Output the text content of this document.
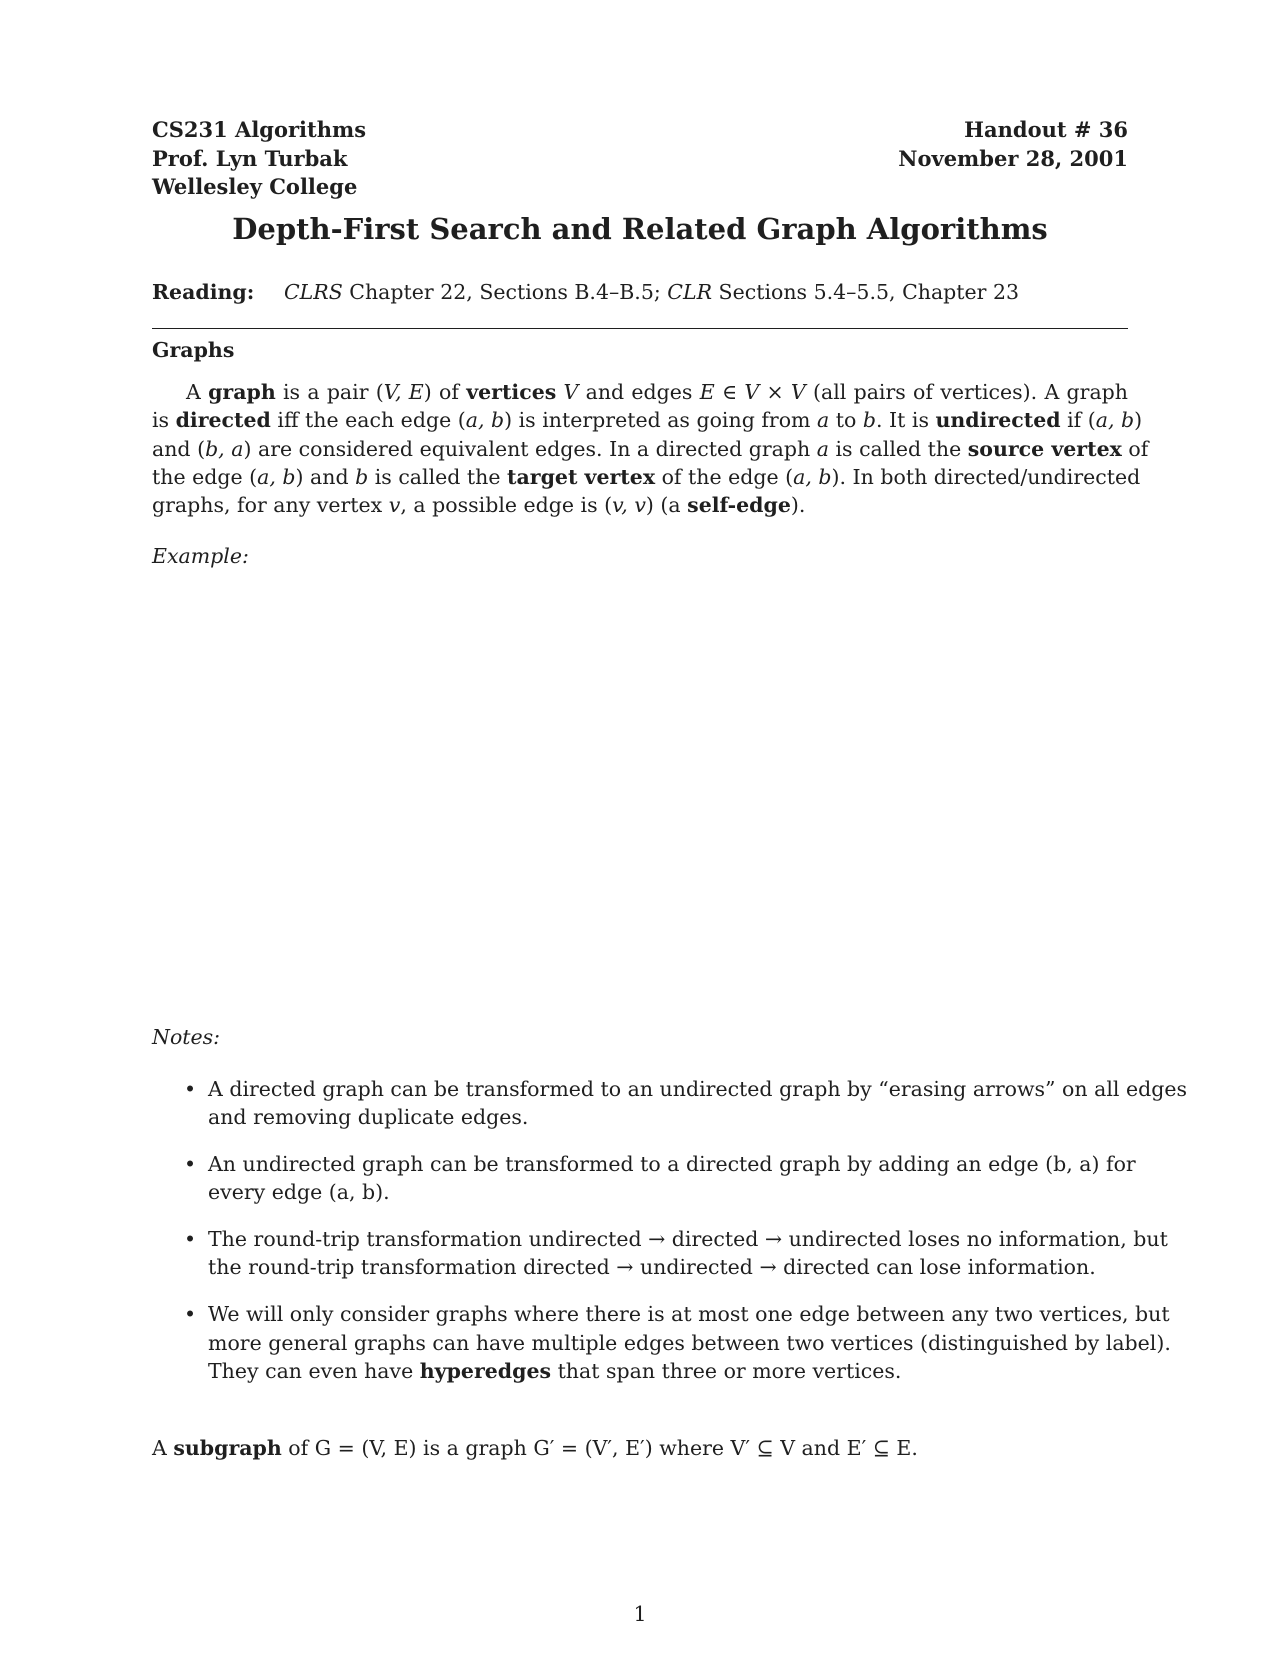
CS231 Algorithms
Prof. Lyn Turbak
Wellesley College
Handout # 36
November 28, 2001
Depth-First Search and Related Graph Algorithms
Reading: CLRS Chapter 22, Sections B.4–B.5; CLR Sections 5.4–5.5, Chapter 23
Graphs
A graph is a pair (V, E) of vertices V and edges E ∈ V × V (all pairs of vertices). A graph
is directed iff the each edge (a, b) is interpreted as going from a to b. It is undirected if (a, b)
and (b, a) are considered equivalent edges. In a directed graph a is called the source vertex of
the edge (a, b) and b is called the target vertex of the edge (a, b). In both directed/undirected
graphs, for any vertex v, a possible edge is (v, v) (a self-edge).
Example:
Notes:
• A directed graph can be transformed to an undirected graph by “erasing arrows” on all edges
and removing duplicate edges.
• An undirected graph can be transformed to a directed graph by adding an edge (b, a) for
every edge (a, b).
• The round-trip transformation undirected → directed → undirected loses no information, but
the round-trip transformation directed → undirected → directed can lose information.
• We will only consider graphs where there is at most one edge between any two vertices, but
more general graphs can have multiple edges between two vertices (distinguished by label).
They can even have hyperedges that span three or more vertices.
A subgraph of G = (V, E) is a graph G′ = (V′, E′) where V′ ⊆ V and E′ ⊆ E.
1
